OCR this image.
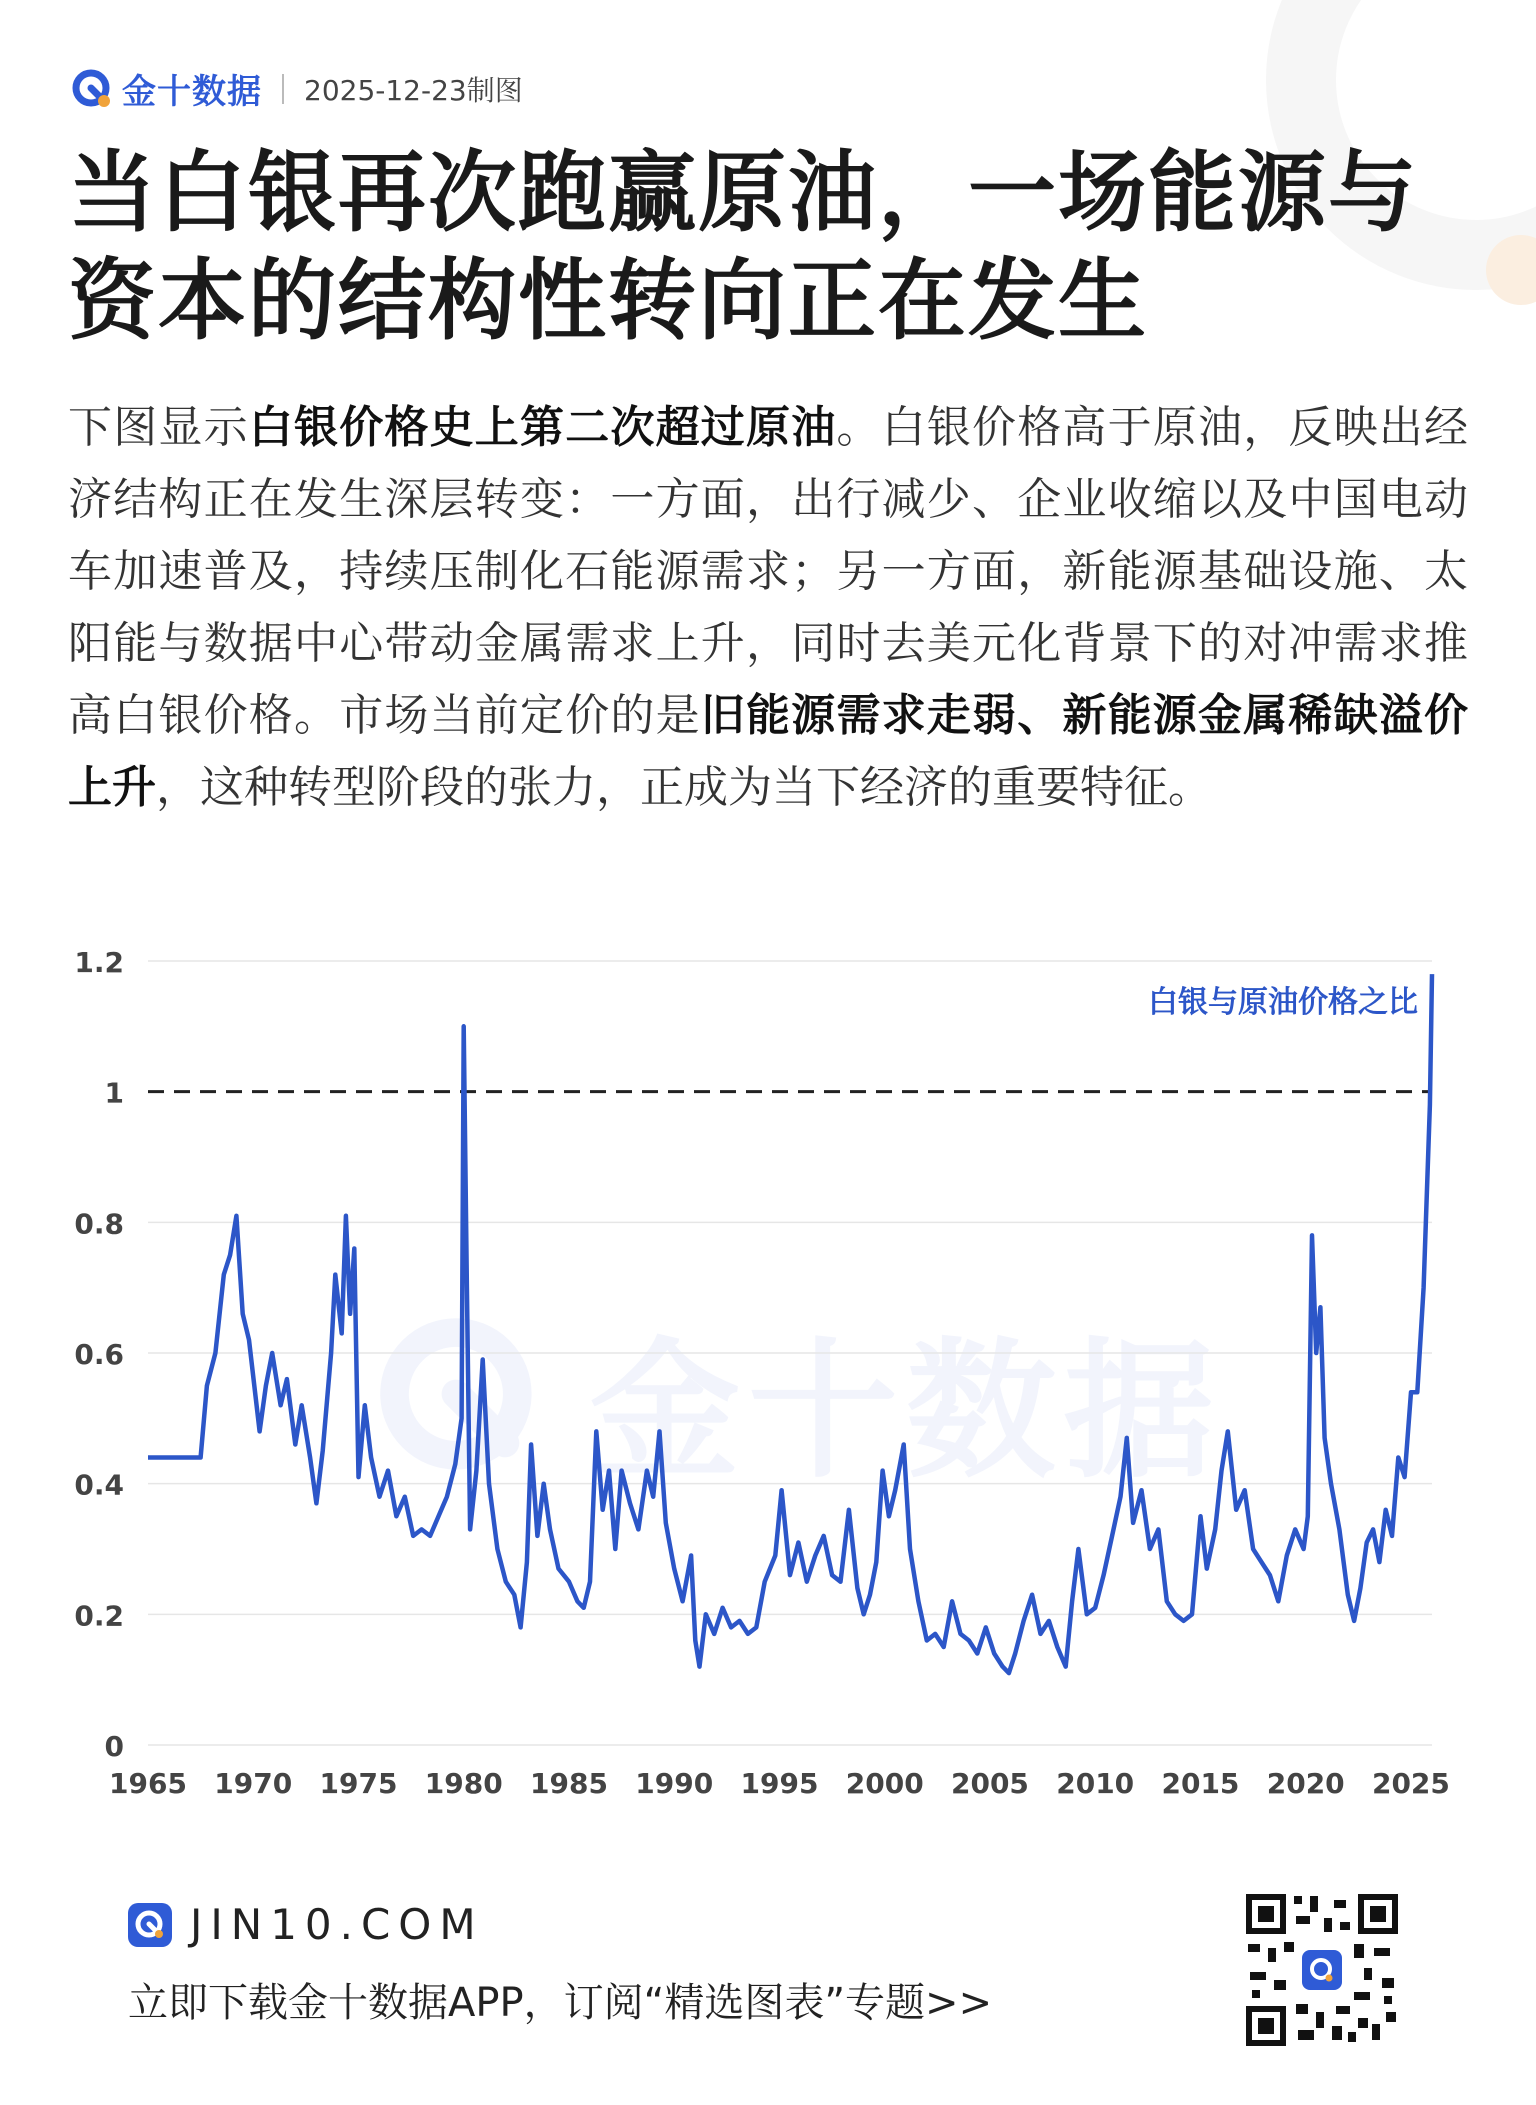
金十数据 2025-12-23制图
当白银再次跑赢原油，一场能源与资本的结构性转向正在发生

下图显示白银价格史上第二次超过原油。白银价格高于原油，反映出经济结构正在发生深层转变：一方面，出行减少、企业收缩以及中国电动车加速普及，持续压制化石能源需求；另一方面，新能源基础设施、太阳能与数据中心带动金属需求上升，同时去美元化背景下的对冲需求推高白银价格。市场当前定价的是旧能源需求走弱、新能源金属稀缺溢价上升，这种转型阶段的张力，正成为当下经济的重要特征。

金十数据
0
0.2
0.4
0.6
0.8
1
1.2
1965 1970 1975 1980 1985 1990 1995 2000 2005 2010 2015 2020 2025
白银与原油价格之比
JIN10.COM
立即下载金十数据APP，订阅“精选图表”专题>>
